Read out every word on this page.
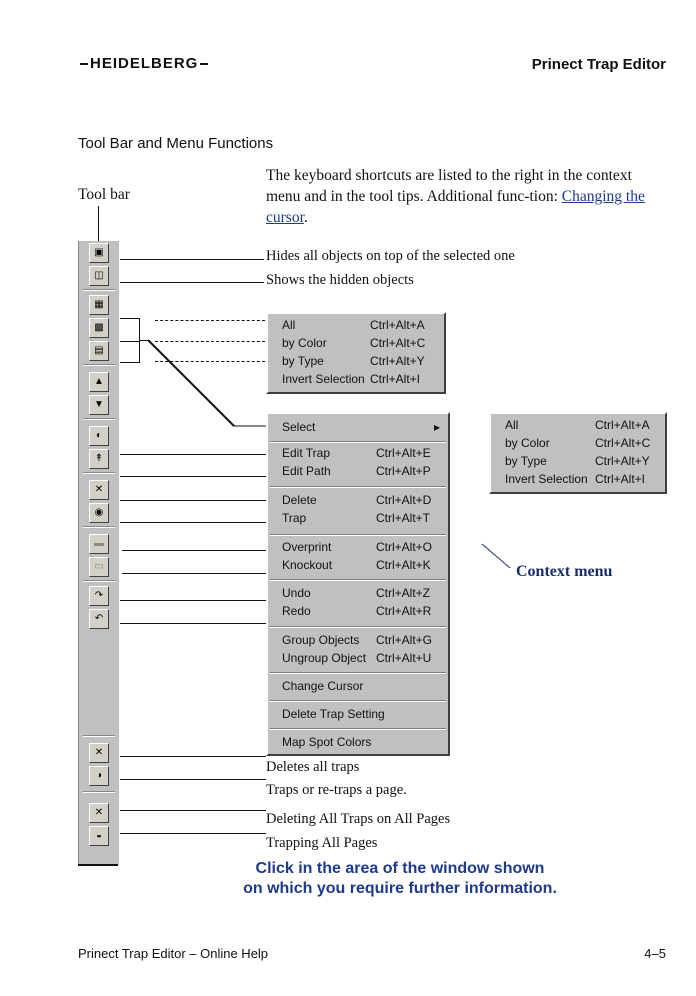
HEIDELBERG	Prinect Trap Editor
Tool Bar and Menu Functions
The keyboard shortcuts are listed to the right in the context menu and in the tool tips. Additional func-tion: Changing the cursor.
Tool bar
▣
◫
▦
▩
▤
▲
▼
◐
↟
✕
◉
▬
▭
↷
↶
✕
◑
✕
◒
Hides all objects on top of the selected one
Shows the hidden objects
All	Ctrl+Alt+A
by Color	Ctrl+Alt+C
by Type	Ctrl+Alt+Y
Invert Selection Ctrl+Alt+I
All	Ctrl+Alt+A
by Color	Ctrl+Alt+C
by Type	Ctrl+Alt+Y
Invert Selection Ctrl+Alt+I
Select	▸
Edit Trap	Ctrl+Alt+E
Edit Path	Ctrl+Alt+P
Delete	Ctrl+Alt+D
Trap	Ctrl+Alt+T
Overprint	Ctrl+Alt+O
Knockout	Ctrl+Alt+K
Undo	Ctrl+Alt+Z
Redo	Ctrl+Alt+R
Group Objects Ctrl+Alt+G
Ungroup Object Ctrl+Alt+U
Change Cursor
Delete Trap Setting
Map Spot Colors
Context menu
Deletes all traps
Traps or re-traps a page.
Deleting All Traps on All Pages
Trapping All Pages
Click in the area of the window shown
on which you require further information.
Prinect Trap Editor – Online Help	4–5
